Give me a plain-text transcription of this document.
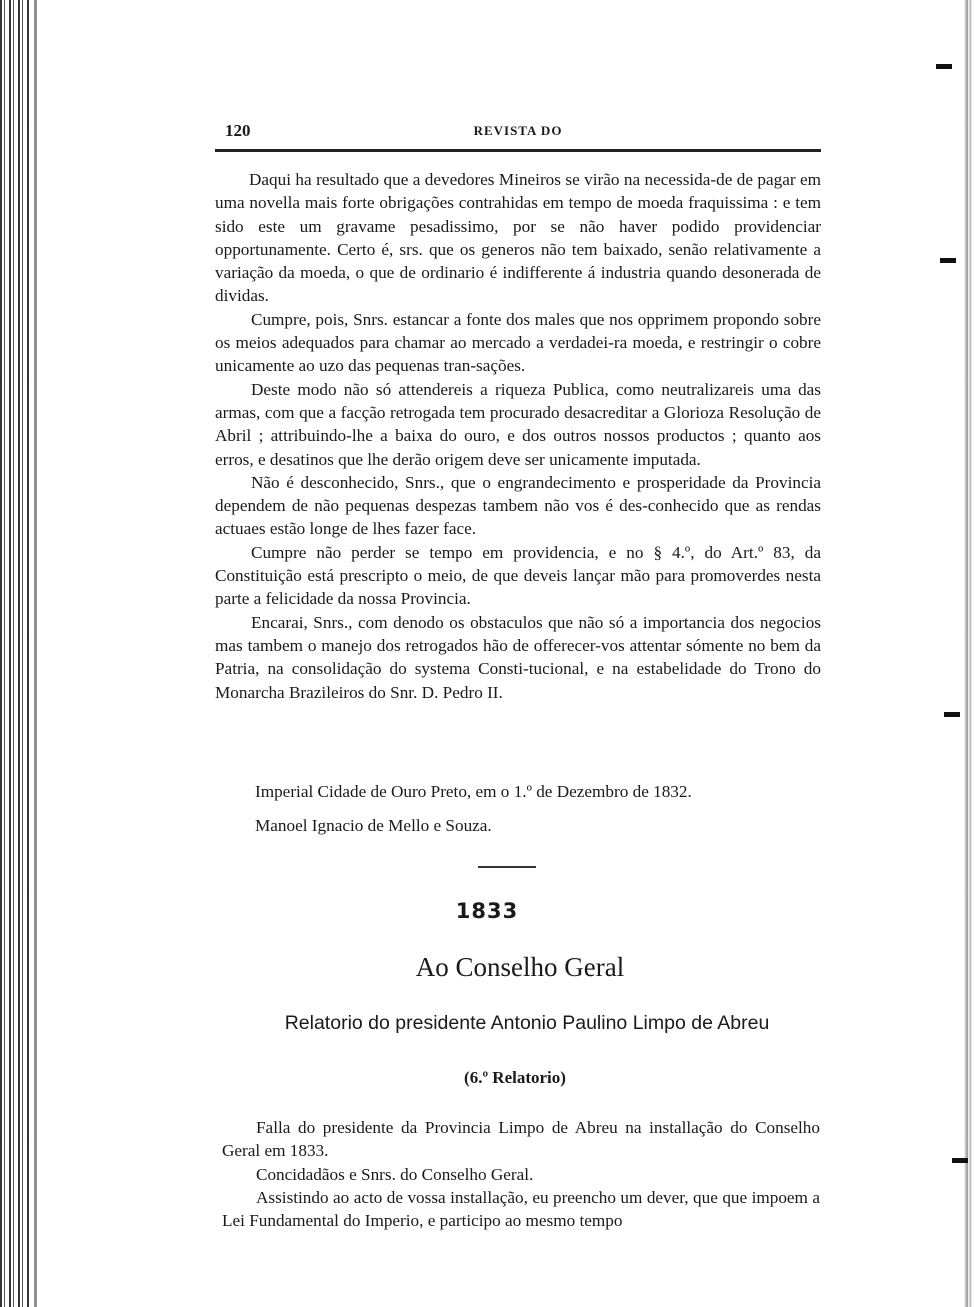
120	REVISTA DO

Daqui ha resultado que a devedores Mineiros se virão na necessida-de de pagar em uma novella mais forte obrigações contrahidas em tempo de moeda fraquissima : e tem sido este um gravame pesadissimo, por se não haver podido providenciar opportunamente. Certo é, srs. que os generos não tem baixado, senão relativamente a variação da moeda, o que de ordinario é indifferente á industria quando desonerada de dividas.

Cumpre, pois, Snrs. estancar a fonte dos males que nos opprimem propondo sobre os meios adequados para chamar ao mercado a verdadei-ra moeda, e restringir o cobre unicamente ao uzo das pequenas tran-sações.

Deste modo não só attendereis a riqueza Publica, como neutralizareis uma das armas, com que a facção retrogada tem procurado desacreditar a Glorioza Resolução de Abril ; attribuindo-lhe a baixa do ouro, e dos outros nossos productos ; quanto aos erros, e desatinos que lhe derão origem deve ser unicamente imputada.

Não é desconhecido, Snrs., que o engrandecimento e prosperidade da Provincia dependem de não pequenas despezas tambem não vos é des-conhecido que as rendas actuaes estão longe de lhes fazer face.

Cumpre não perder se tempo em providencia, e no § 4.º, do Art.º 83, da Constituição está prescripto o meio, de que deveis lançar mão para promoverdes nesta parte a felicidade da nossa Provincia.

Encarai, Snrs., com denodo os obstaculos que não só a importancia dos negocios mas tambem o manejo dos retrogados hão de offerecer-vos attentar sómente no bem da Patria, na consolidação do systema Consti-tucional, e na estabelidade do Trono do Monarcha Brazileiros do Snr. D. Pedro II.

Imperial Cidade de Ouro Preto, em o 1.º de Dezembro de 1832.
Manoel Ignacio de Mello e Souza.
1833
Ao Conselho Geral
Relatorio do presidente Antonio Paulino Limpo de Abreu
(6.º Relatorio)

Falla do presidente da Provincia Limpo de Abreu na installação do Conselho Geral em 1833.

Concidadãos e Snrs. do Conselho Geral.

Assistindo ao acto de vossa installação, eu preencho um dever, que que impoem a Lei Fundamental do Imperio, e participo ao mesmo tempo
